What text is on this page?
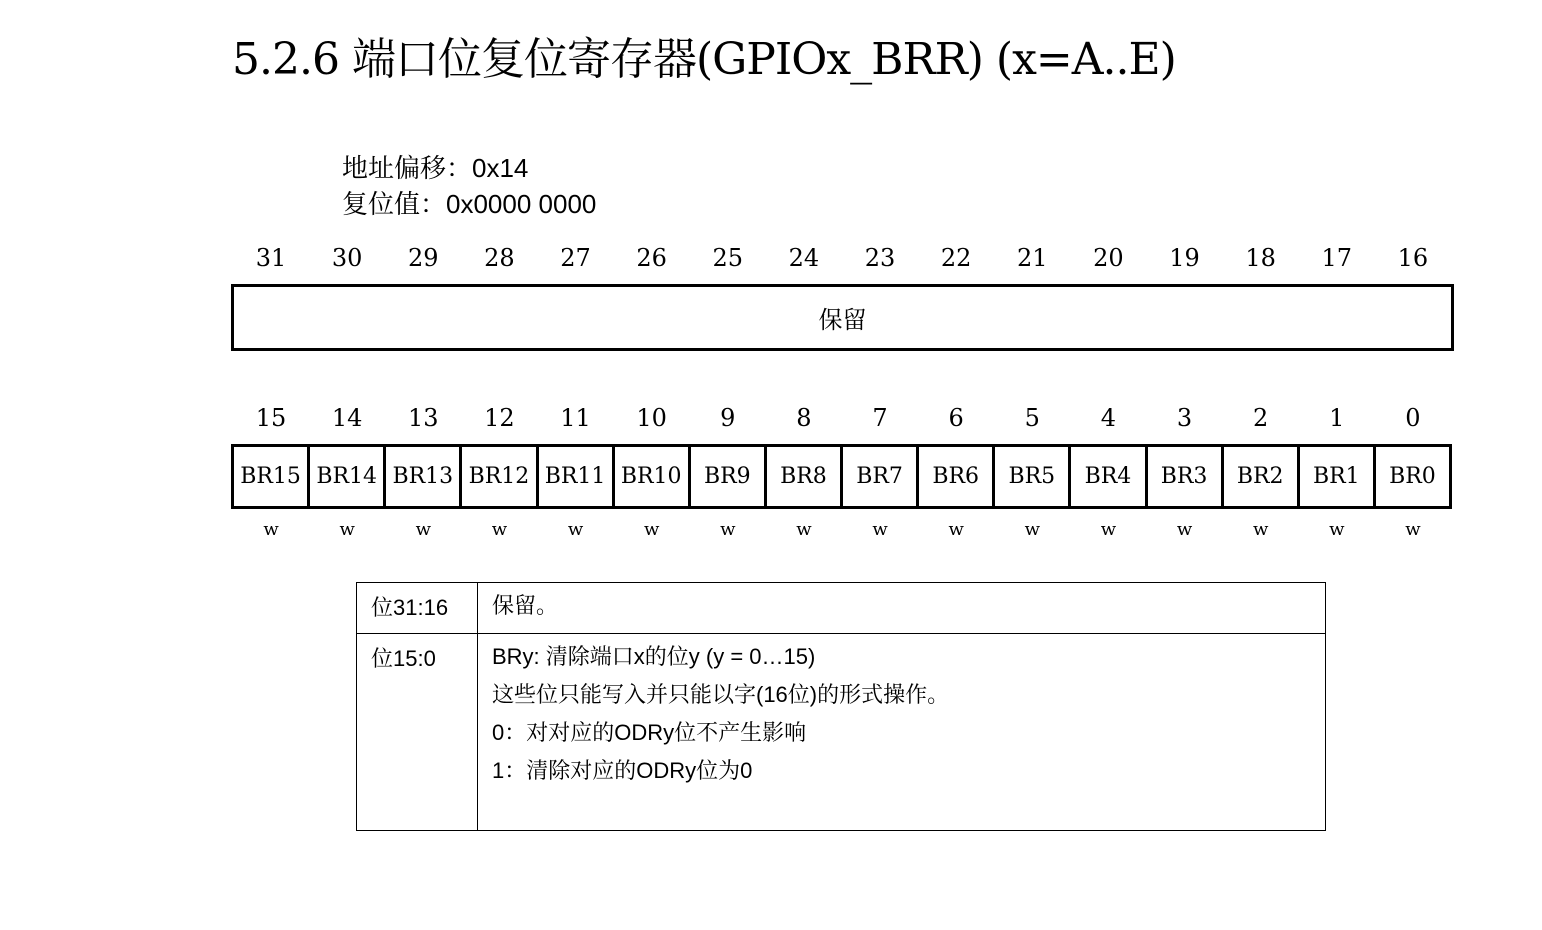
5.2.6 端口位复位寄存器(GPIOx_BRR) (x=A..E)
地址偏移：0x14
复位值：0x0000 0000
31	30	29	28	27	26	25	24	23	22	21	20	19	18	17	16
保留
15	14	13	12	11	10	9	8	7	6	5	4	3	2	1	0
BR15 BR14 BR13 BR12 BR11 BR10	BR9	BR8	BR7	BR6	BR5	BR4	BR3	BR2	BR1	BR0
w	w	w	w	w	w	w	w	w	w	w	w	w	w	w	w
位31:16	保留。

位15:0	BRy: 清除端口x的位y (y = 0…15)
这些位只能写入并只能以字(16位)的形式操作。
0：对对应的ODRy位不产生影响
1：清除对应的ODRy位为0
